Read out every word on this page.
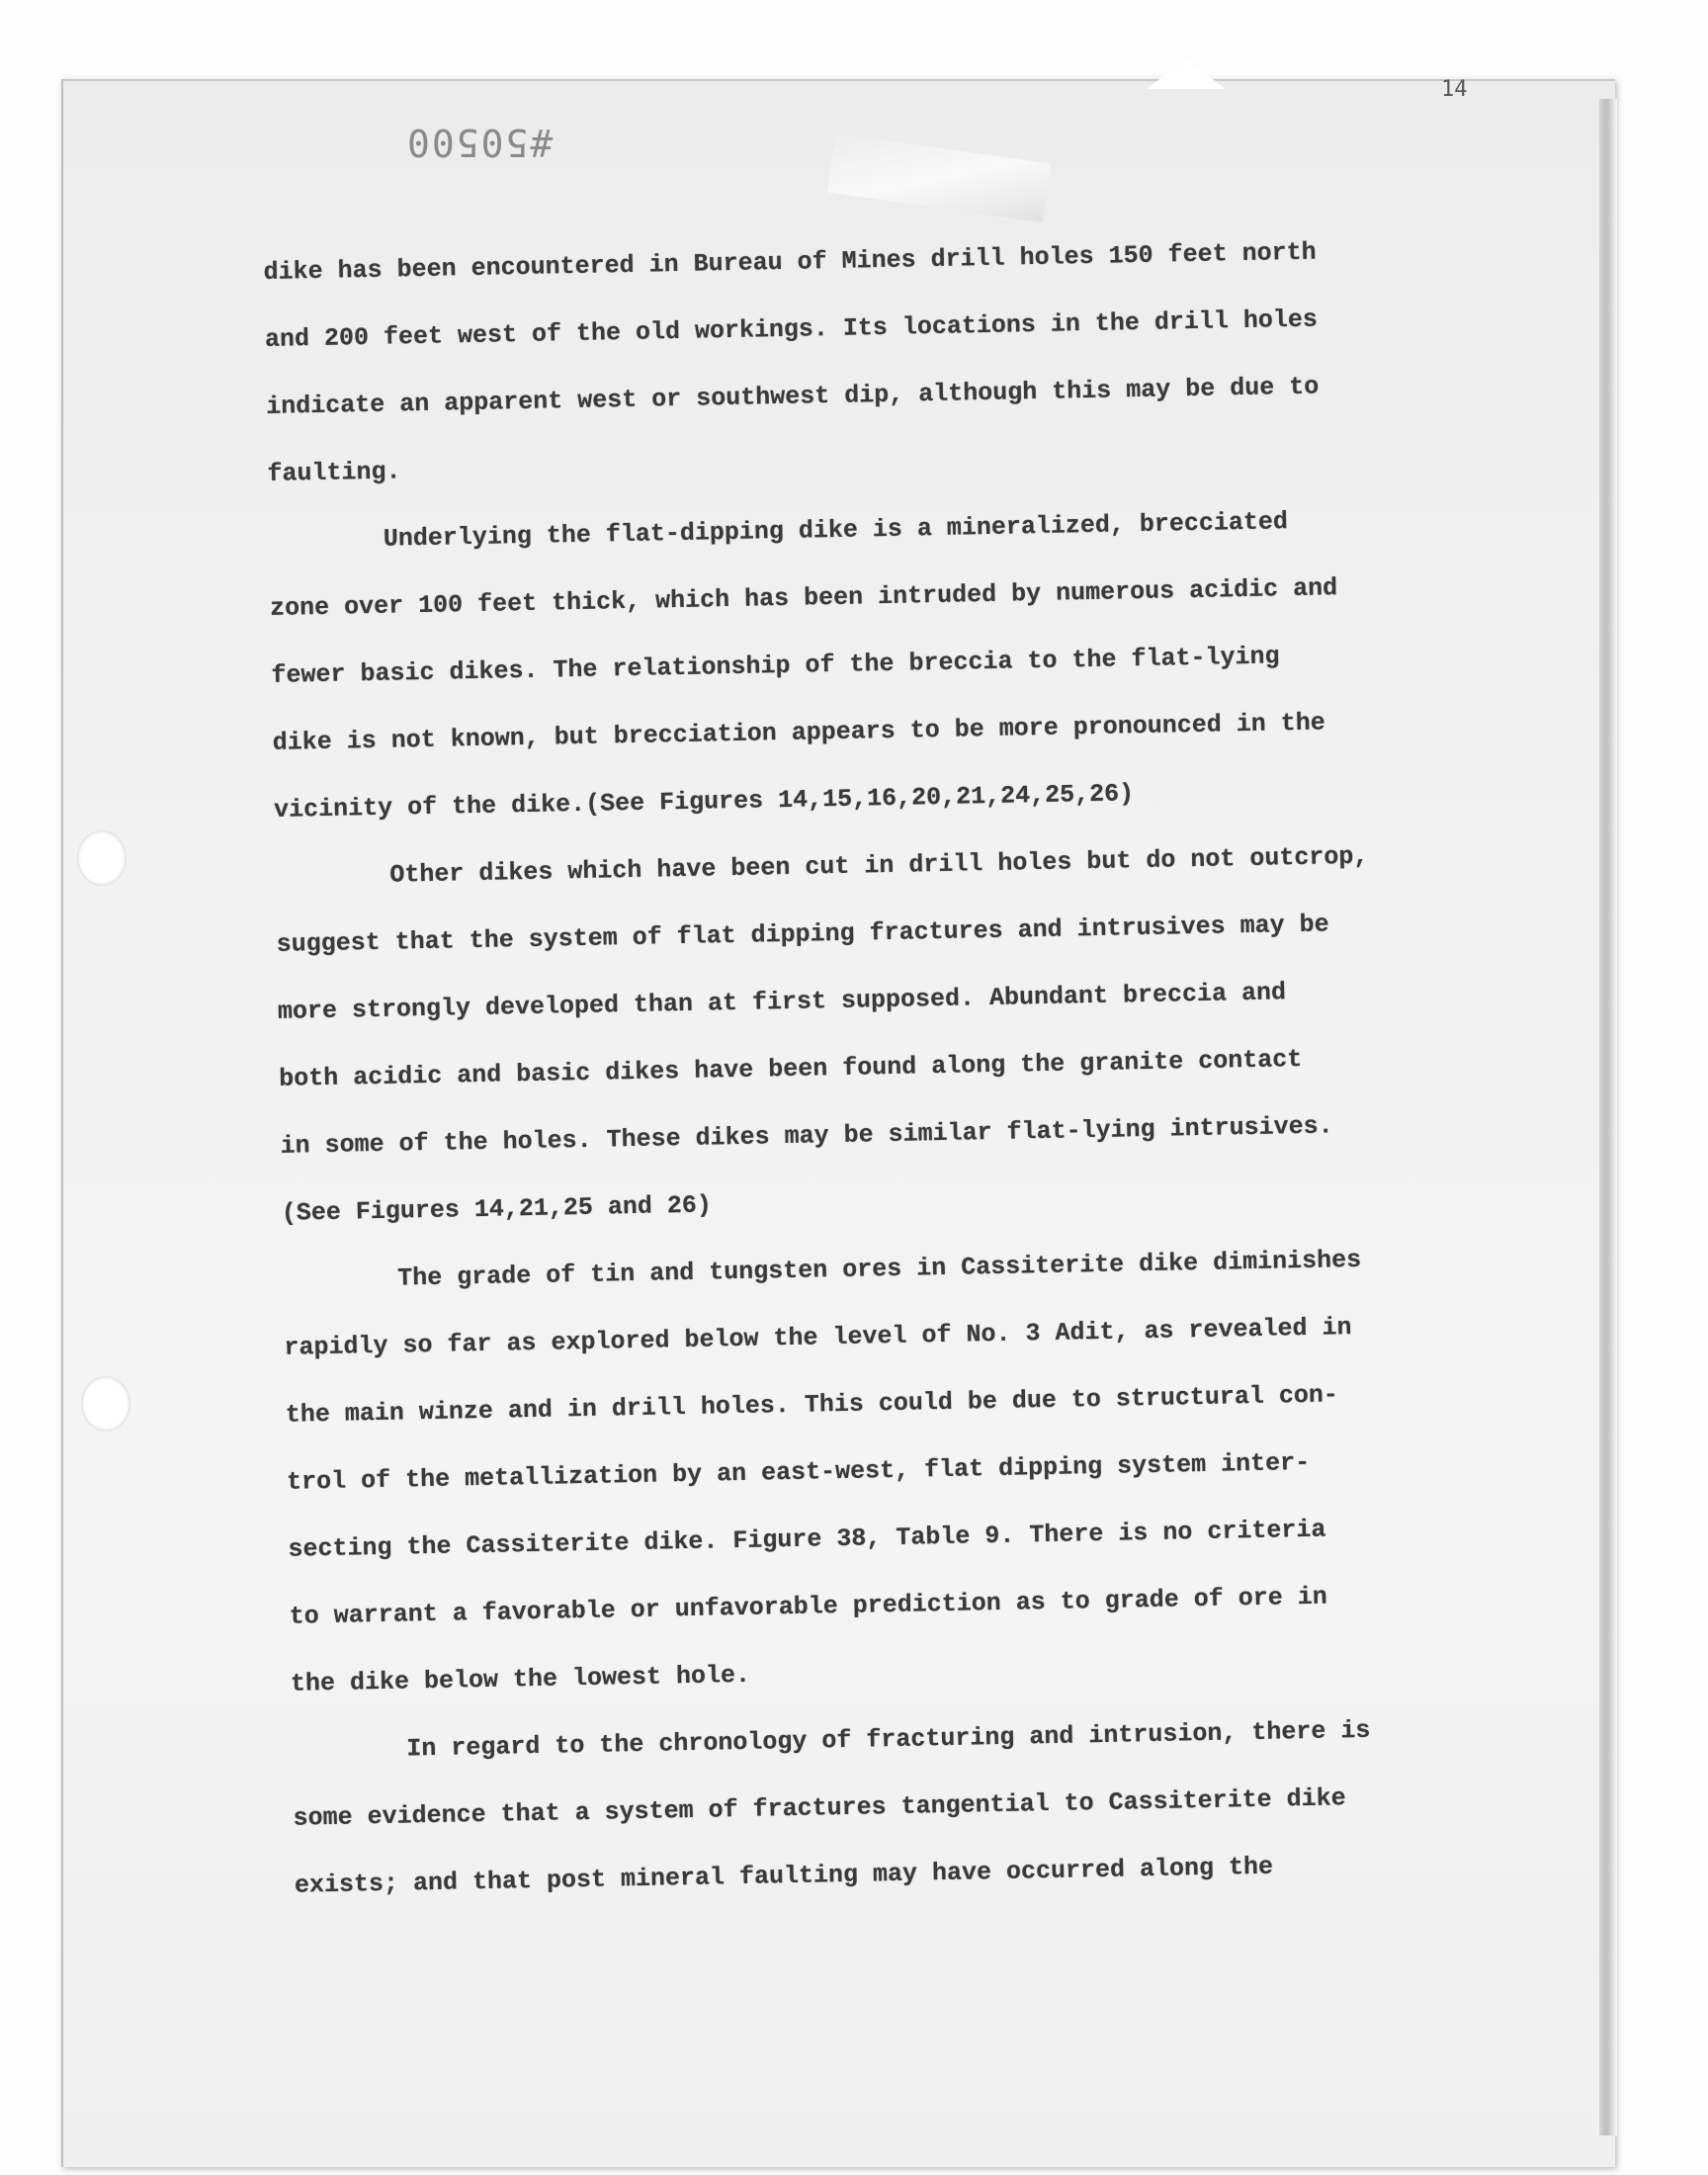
#50500
14
dike has been encountered in Bureau of Mines drill holes 150 feet north
and 200 feet west of the old workings. Its locations in the drill holes
indicate an apparent west or southwest dip, although this may be due to
faulting.
Underlying the flat-dipping dike is a mineralized, brecciated
zone over 100 feet thick, which has been intruded by numerous acidic and
fewer basic dikes. The relationship of the breccia to the flat-lying
dike is not known, but brecciation appears to be more pronounced in the
vicinity of the dike.(See Figures 14,15,16,20,21,24,25,26)
Other dikes which have been cut in drill holes but do not outcrop,
suggest that the system of flat dipping fractures and intrusives may be
more strongly developed than at first supposed. Abundant breccia and
both acidic and basic dikes have been found along the granite contact
in some of the holes. These dikes may be similar flat-lying intrusives.
(See Figures 14,21,25 and 26)
The grade of tin and tungsten ores in Cassiterite dike diminishes
rapidly so far as explored below the level of No. 3 Adit, as revealed in
the main winze and in drill holes. This could be due to structural con-
trol of the metallization by an east-west, flat dipping system inter-
secting the Cassiterite dike. Figure 38, Table 9. There is no criteria
to warrant a favorable or unfavorable prediction as to grade of ore in
the dike below the lowest hole.
In regard to the chronology of fracturing and intrusion, there is
some evidence that a system of fractures tangential to Cassiterite dike
exists; and that post mineral faulting may have occurred along the
